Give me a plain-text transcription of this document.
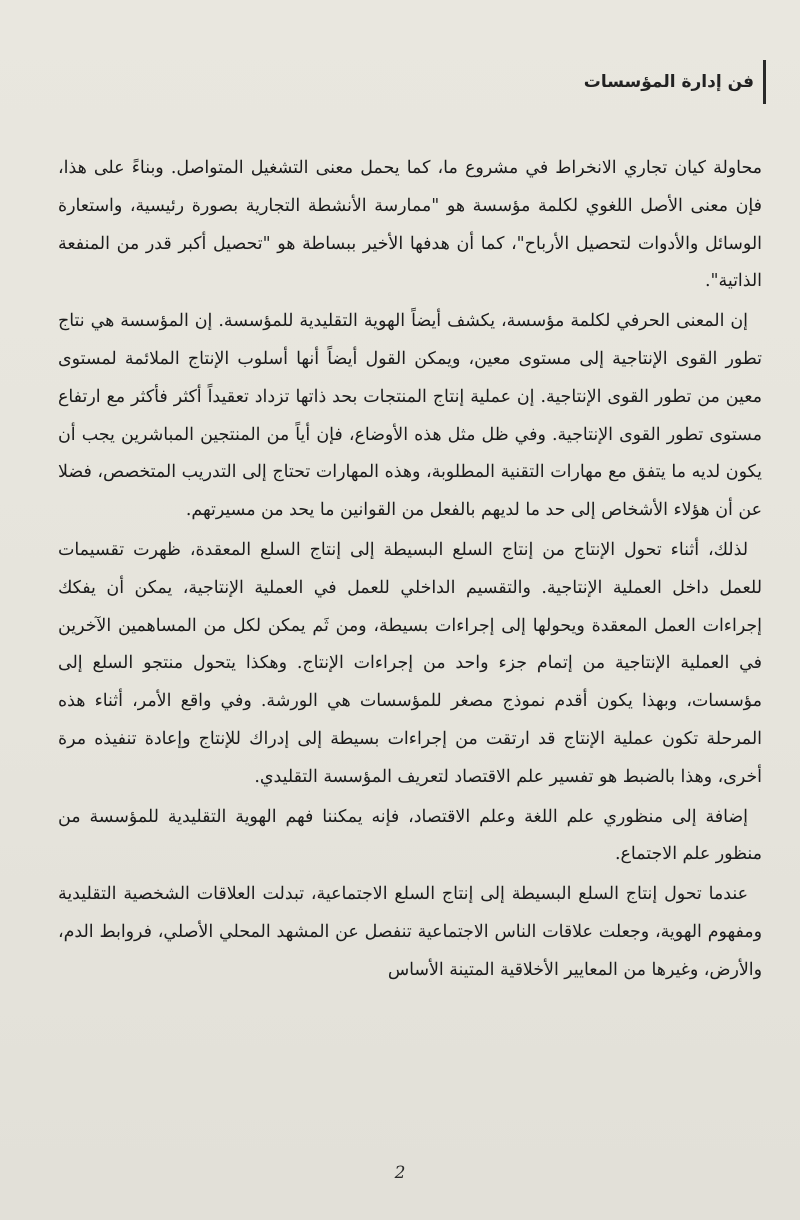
فن إدارة المؤسسات

محاولة كيان تجاري الانخراط في مشروع ما، كما يحمل معنى التشغيل المتواصل. وبناءً على هذا، فإن معنى الأصل اللغوي لكلمة مؤسسة هو "ممارسة الأنشطة التجارية بصورة رئيسية، واستعارة الوسائل والأدوات لتحصيل الأرباح"، كما أن هدفها الأخير ببساطة هو "تحصيل أكبر قدر من المنفعة الذاتية".

إن المعنى الحرفي لكلمة مؤسسة، يكشف أيضاً الهوية التقليدية للمؤسسة. إن المؤسسة هي نتاج تطور القوى الإنتاجية إلى مستوى معين، ويمكن القول أيضاً أنها أسلوب الإنتاج الملائمة لمستوى معين من تطور القوى الإنتاجية. إن عملية إنتاج المنتجات بحد ذاتها تزداد تعقيداً أكثر فأكثر مع ارتفاع مستوى تطور القوى الإنتاجية. وفي ظل مثل هذه الأوضاع، فإن أياً من المنتجين المباشرين يجب أن يكون لديه ما يتفق مع مهارات التقنية المطلوبة، وهذه المهارات تحتاج إلى التدريب المتخصص، فضلا عن أن هؤلاء الأشخاص إلى حد ما لديهم بالفعل من القوانين ما يحد من مسيرتهم.

لذلك، أثناء تحول الإنتاج من إنتاج السلع البسيطة إلى إنتاج السلع المعقدة، ظهرت تقسيمات للعمل داخل العملية الإنتاجية. والتقسيم الداخلي للعمل في العملية الإنتاجية، يمكن أن يفكك إجراءات العمل المعقدة ويحولها إلى إجراءات بسيطة، ومن ثَم يمكن لكل من المساهمين الآخرين في العملية الإنتاجية من إتمام جزء واحد من إجراءات الإنتاج. وهكذا يتحول منتجو السلع إلى مؤسسات، وبهذا يكون أقدم نموذج مصغر للمؤسسات هي الورشة. وفي واقع الأمر، أثناء هذه المرحلة تكون عملية الإنتاج قد ارتقت من إجراءات بسيطة إلى إدراك للإنتاج وإعادة تنفيذه مرة أخرى، وهذا بالضبط هو تفسير علم الاقتصاد لتعريف المؤسسة التقليدي.

إضافة إلى منظوري علم اللغة وعلم الاقتصاد، فإنه يمكننا فهم الهوية التقليدية للمؤسسة من منظور علم الاجتماع.

عندما تحول إنتاج السلع البسيطة إلى إنتاج السلع الاجتماعية، تبدلت العلاقات الشخصية التقليدية ومفهوم الهوية، وجعلت علاقات الناس الاجتماعية تنفصل عن المشهد المحلي الأصلي، فروابط الدم، والأرض، وغيرها من المعايير الأخلاقية المتينة الأساس

2
